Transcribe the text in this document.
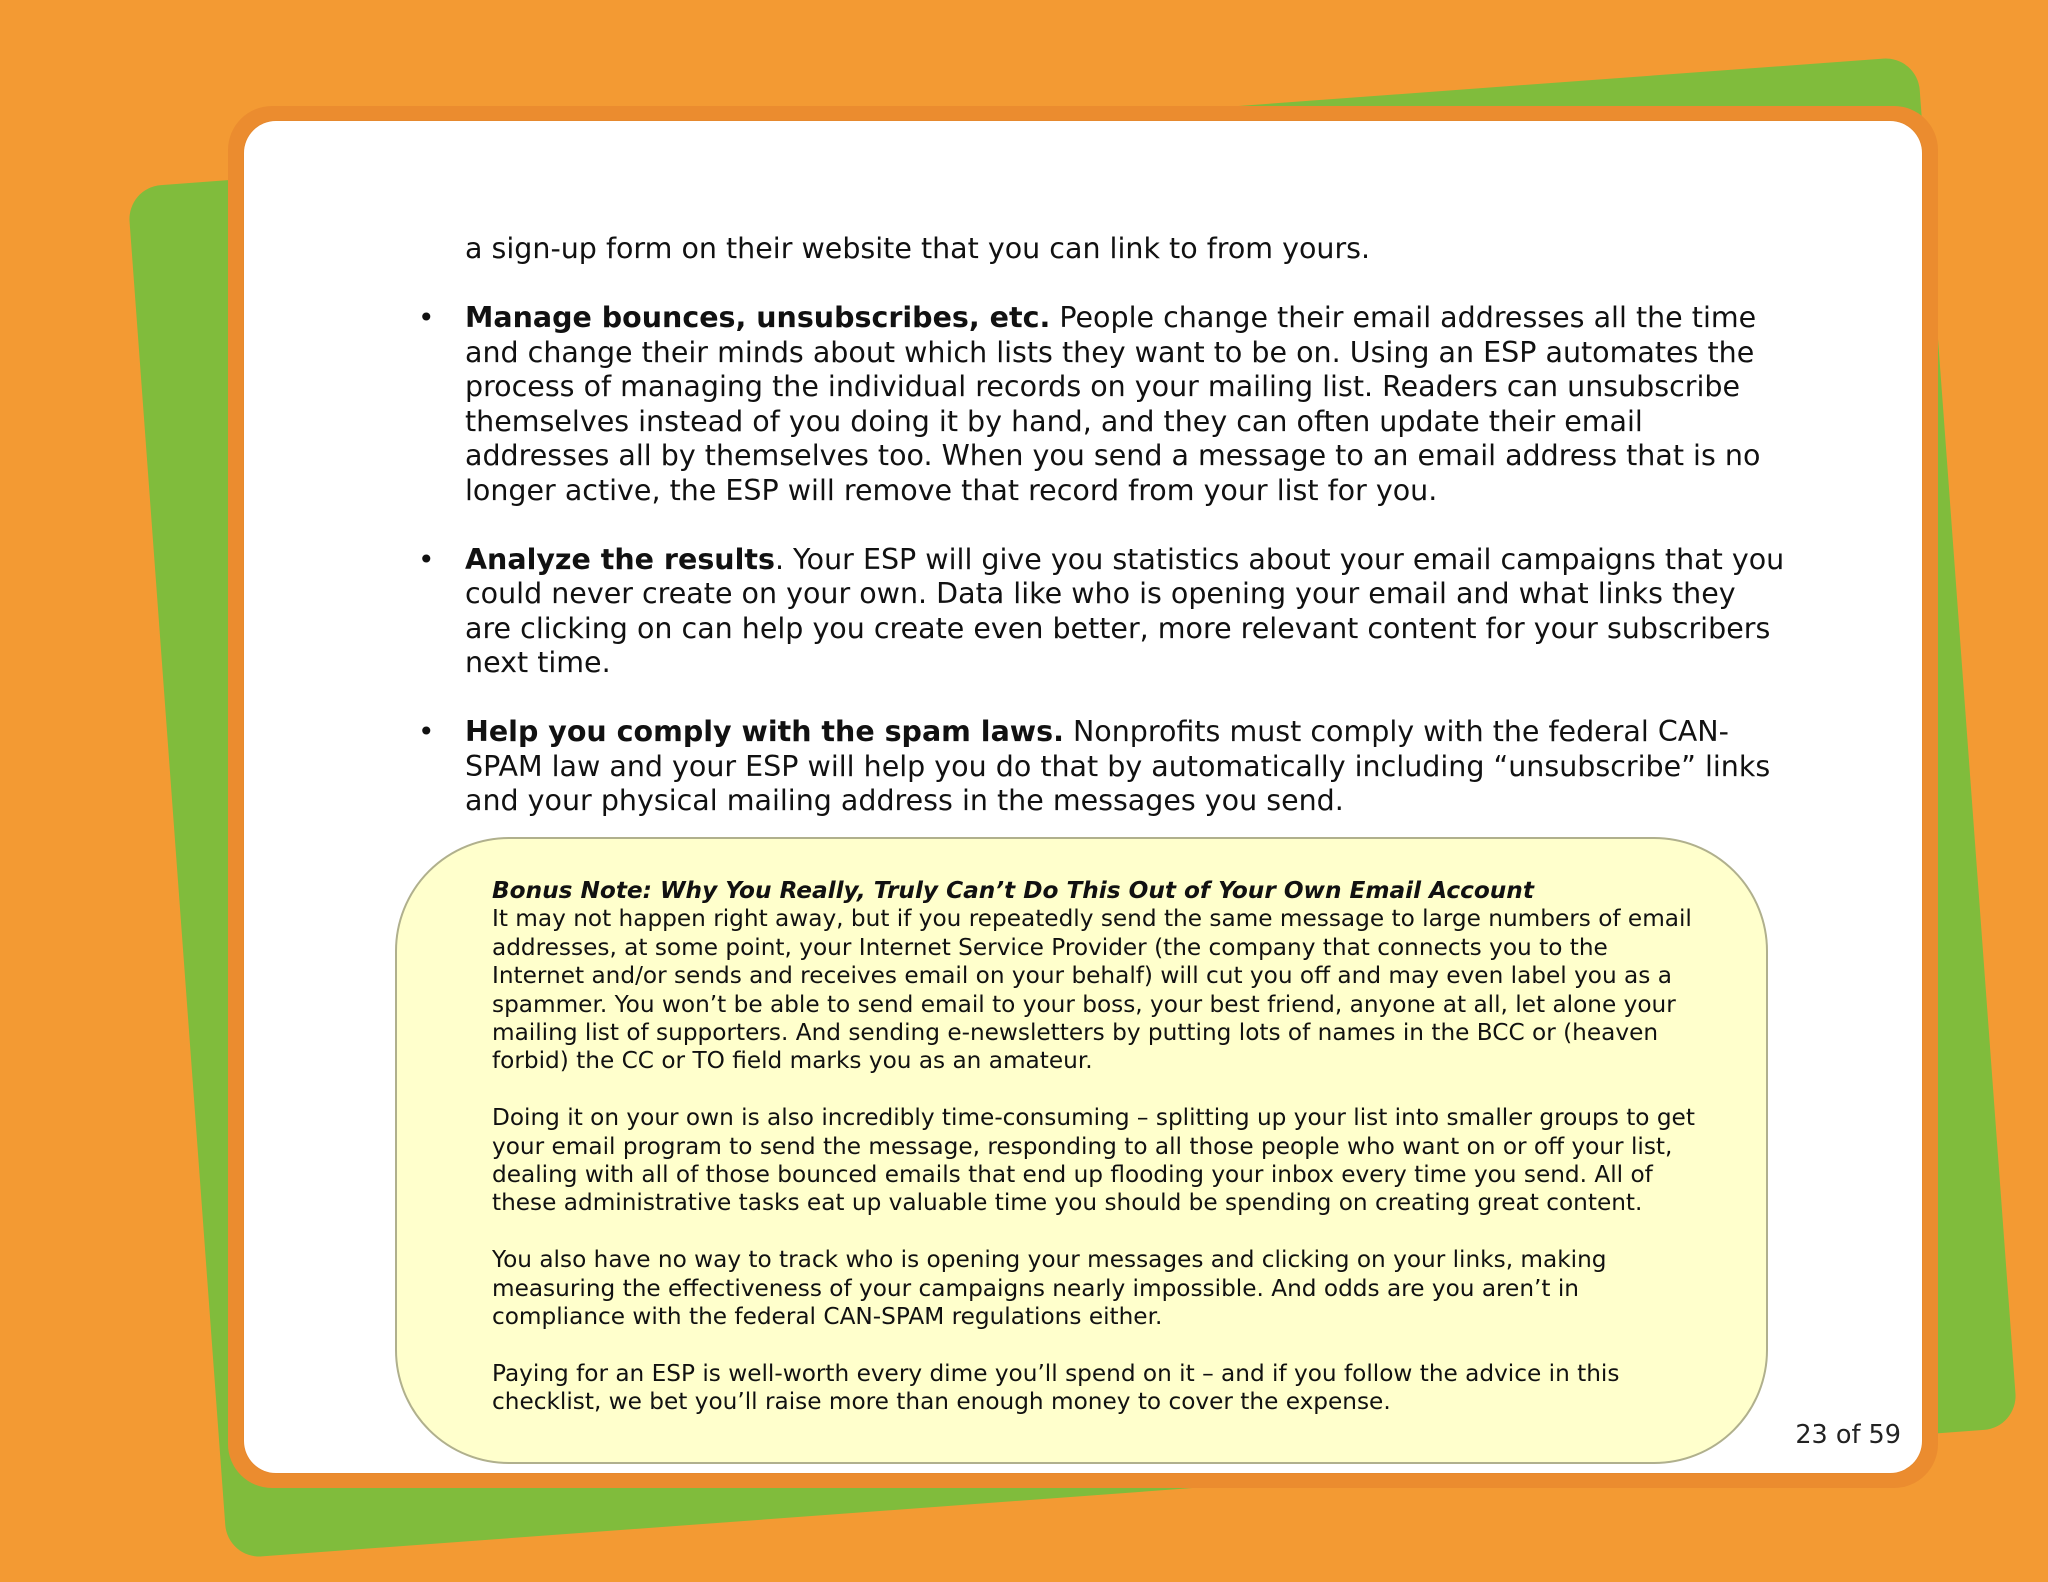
a sign-up form on their website that you can link to from yours.

• Manage bounces, unsubscribes, etc. People change their email addresses all the time and change their minds about which lists they want to be on. Using an ESP automates the process of managing the individual records on your mailing list. Readers can unsubscribe themselves instead of you doing it by hand, and they can often update their email addresses all by themselves too. When you send a message to an email address that is no longer active, the ESP will remove that record from your list for you.
• Analyze the results. Your ESP will give you statistics about your email campaigns that you could never create on your own. Data like who is opening your email and what links they are clicking on can help you create even better, more relevant content for your subscribers next time.
• Help you comply with the spam laws. Nonprofits must comply with the federal CAN-SPAM law and your ESP will help you do that by automatically including “unsubscribe” links and your physical mailing address in the messages you send.

Bonus Note: Why You Really, Truly Can’t Do This Out of Your Own Email Account

It may not happen right away, but if you repeatedly send the same message to large numbers of email addresses, at some point, your Internet Service Provider (the company that connects you to the Internet and/or sends and receives email on your behalf) will cut you off and may even label you as a spammer. You won’t be able to send email to your boss, your best friend, anyone at all, let alone your mailing list of supporters. And sending e-newsletters by putting lots of names in the BCC or (heaven forbid) the CC or TO field marks you as an amateur.

Doing it on your own is also incredibly time-consuming – splitting up your list into smaller groups to get your email program to send the message, responding to all those people who want on or off your list, dealing with all of those bounced emails that end up flooding your inbox every time you send. All of these administrative tasks eat up valuable time you should be spending on creating great content.

You also have no way to track who is opening your messages and clicking on your links, making measuring the effectiveness of your campaigns nearly impossible. And odds are you aren’t in compliance with the federal CAN-SPAM regulations either.

Paying for an ESP is well-worth every dime you’ll spend on it – and if you follow the advice in this checklist, we bet you’ll raise more than enough money to cover the expense.

23 of 59
